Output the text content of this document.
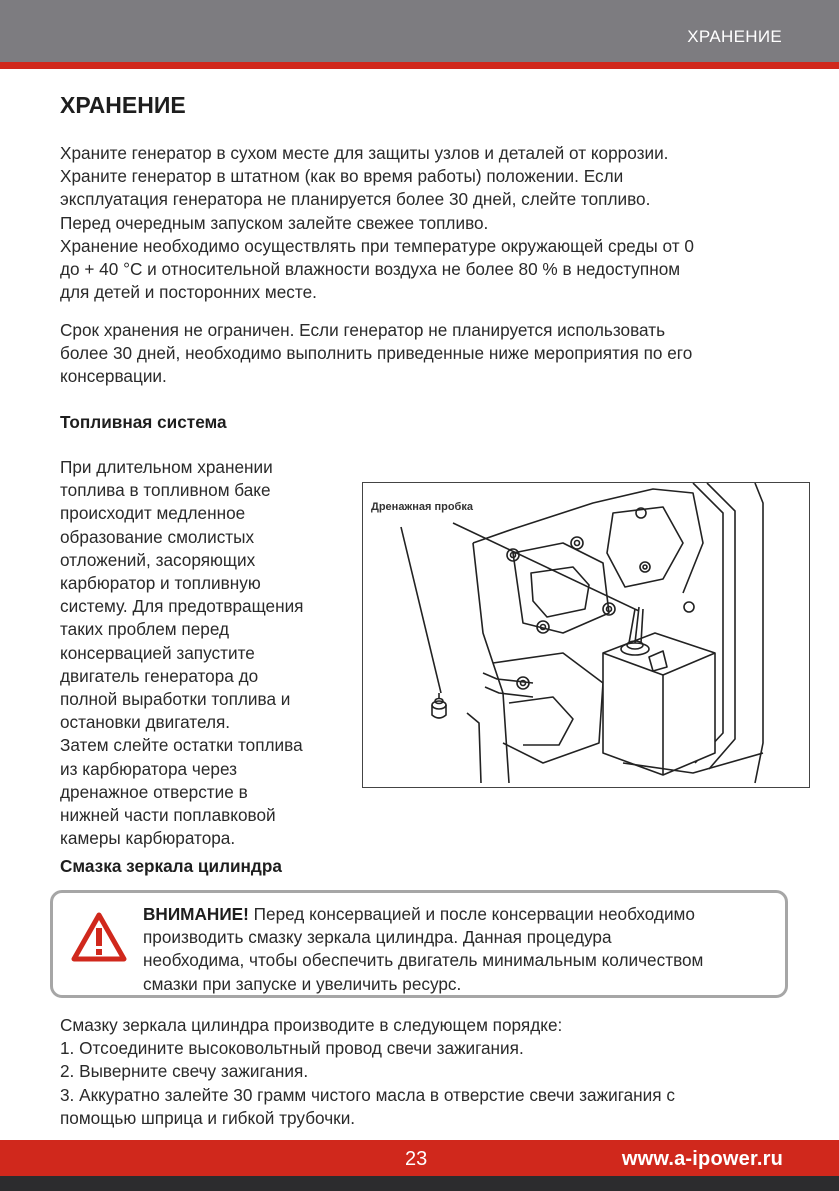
ХРАНЕНИЕ
ХРАНЕНИЕ

Храните генератор в сухом месте для защиты узлов и деталей от коррозии.

Храните генератор в штатном (как во время работы) положении. Если

эксплуатация генератора не планируется более 30 дней, слейте топливо.

Перед очередным запуском залейте свежее топливо.

Хранение необходимо осуществлять при температуре окружающей среды от 0

до + 40 °С и относительной влажности воздуха не более 80 % в недоступном

для детей и посторонних месте.

Срок хранения не ограничен. Если генератор не планируется использовать

более 30 дней, необходимо выполнить приведенные ниже мероприятия по его

консервации.

Топливная система

При длительном хранении

топлива в топливном баке

происходит медленное

образование смолистых

отложений, засоряющих

карбюратор и топливную

систему. Для предотвращения

таких проблем перед

консервацией запустите

двигатель генератора до

полной выработки топлива и

остановки двигателя.

Затем слейте остатки топлива

из карбюратора через

дренажное отверстие в

нижней части поплавковой

камеры карбюратора.

Дренажная пробка
Смазка зеркала цилиндра
ВНИМАНИЕ! Перед консервацией и после консервации необходимо
производить смазку зеркала цилиндра. Данная процедура
необходима, чтобы обеспечить двигатель минимальным количеством
смазки при запуске и увеличить ресурс.

Смазку зеркала цилиндра производите в следующем порядке:

1. Отсоедините высоковольтный провод свечи зажигания.

2. Выверните свечу зажигания.

3. Аккуратно залейте 30 грамм чистого масла в отверстие свечи зажигания с

помощью шприца и гибкой трубочки.

23	www.a-ipower.ru
